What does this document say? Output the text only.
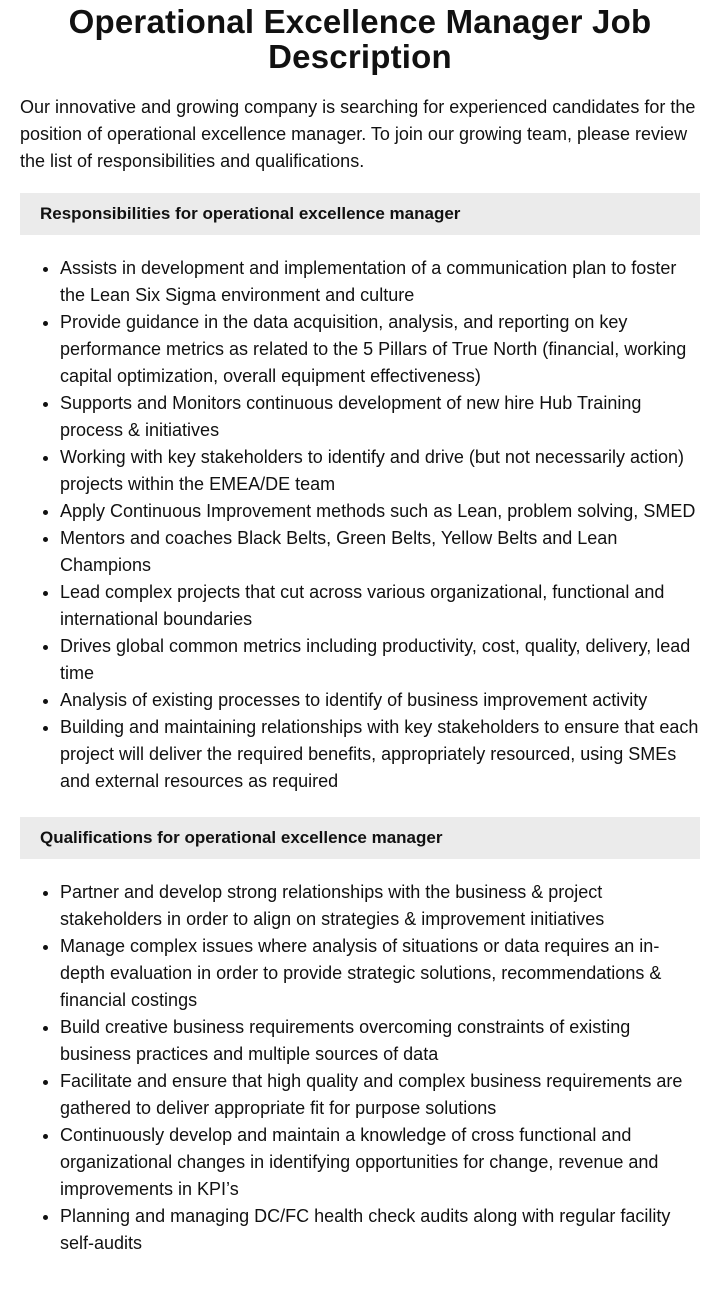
Operational Excellence Manager Job Description

Our innovative and growing company is searching for experienced candidates for the position of operational excellence manager. To join our growing team, please review the list of responsibilities and qualifications.

Responsibilities for operational excellence manager
• Assists in development and implementation of a communication plan to foster the Lean Six Sigma environment and culture
• Provide guidance in the data acquisition, analysis, and reporting on key performance metrics as related to the 5 Pillars of True North (financial, working capital optimization, overall equipment effectiveness)
• Supports and Monitors continuous development of new hire Hub Training process & initiatives
• Working with key stakeholders to identify and drive (but not necessarily action) projects within the EMEA/DE team
• Apply Continuous Improvement methods such as Lean, problem solving, SMED
• Mentors and coaches Black Belts, Green Belts, Yellow Belts and Lean Champions
• Lead complex projects that cut across various organizational, functional and international boundaries
• Drives global common metrics including productivity, cost, quality, delivery, lead time
• Analysis of existing processes to identify of business improvement activity
• Building and maintaining relationships with key stakeholders to ensure that each project will deliver the required benefits, appropriately resourced, using SMEs and external resources as required
Qualifications for operational excellence manager
• Partner and develop strong relationships with the business & project stakeholders in order to align on strategies & improvement initiatives
• Manage complex issues where analysis of situations or data requires an in-depth evaluation in order to provide strategic solutions, recommendations & financial costings
• Build creative business requirements overcoming constraints of existing business practices and multiple sources of data
• Facilitate and ensure that high quality and complex business requirements are gathered to deliver appropriate fit for purpose solutions
• Continuously develop and maintain a knowledge of cross functional and organizational changes in identifying opportunities for change, revenue and improvements in KPI’s
• Planning and managing DC/FC health check audits along with regular facility self-audits
